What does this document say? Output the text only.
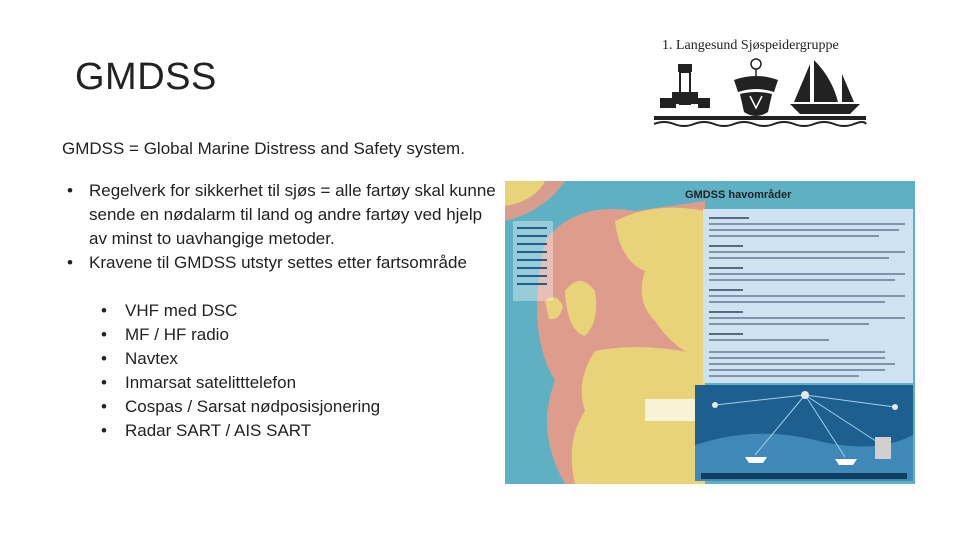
GMDSS
1. Langesund Sjøspeidergruppe

GMDSS = Global Marine Distress and Safety system.

• Regelverk for sikkerhet til sjøs = alle fartøy skal kunne sende en nødalarm til land og andre fartøy ved hjelp av minst to uavhangige metoder.
• Kravene til GMDSS utstyr settes etter fartsområde
• VHF med DSC
• MF / HF radio
• Navtex
• Inmarsat satelitttelefon
• Cospas / Sarsat nødposisjonering
• Radar SART / AIS SART
GMDSS havområder
